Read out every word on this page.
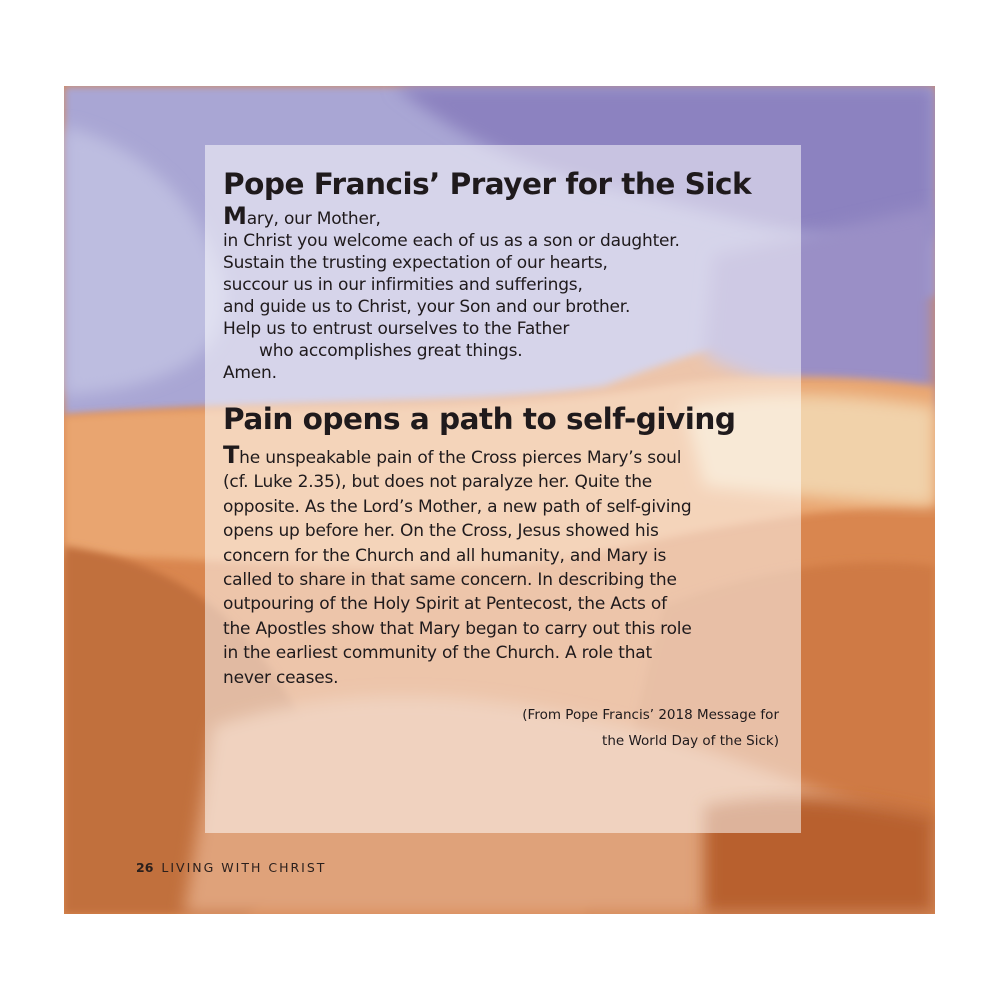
Pope Francis’ Prayer for the Sick
Mary, our Mother,
in Christ you welcome each of us as a son or daughter.
Sustain the trusting expectation of our hearts,
succour us in our infirmities and sufferings,
and guide us to Christ, your Son and our brother.
Help us to entrust ourselves to the Father
who accomplishes great things.
Amen.
Pain opens a path to self-giving
The unspeakable pain of the Cross pierces Mary’s soul
(cf. Luke 2.35), but does not paralyze her. Quite the
opposite. As the Lord’s Mother, a new path of self-giving
opens up before her. On the Cross, Jesus showed his
concern for the Church and all humanity, and Mary is
called to share in that same concern. In describing the
outpouring of the Holy Spirit at Pentecost, the Acts of
the Apostles show that Mary began to carry out this role
in the earliest community of the Church. A role that
never ceases.
(From Pope Francis’ 2018 Message for
the World Day of the Sick)
26 LIVING WITH CHRIST
